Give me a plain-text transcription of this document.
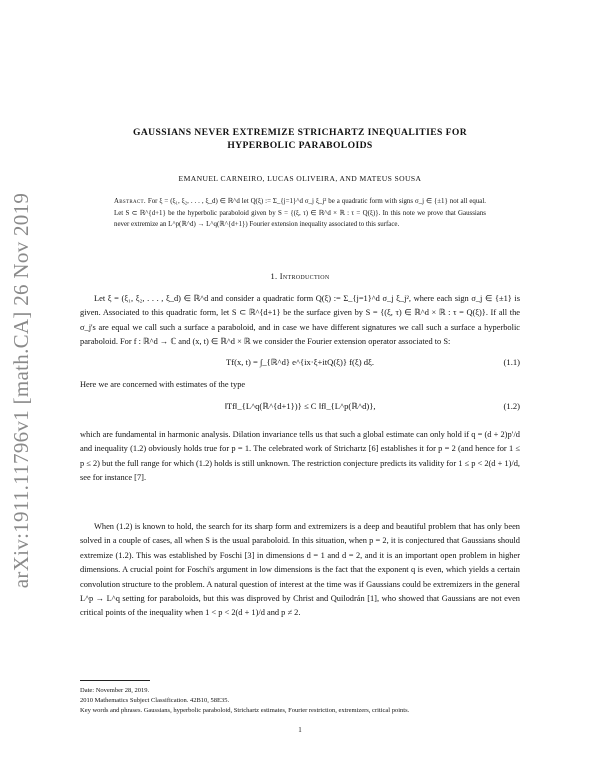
arXiv:1911.11796v1 [math.CA] 26 Nov 2019
GAUSSIANS NEVER EXTREMIZE STRICHARTZ INEQUALITIES FOR
HYPERBOLIC PARABOLOIDS
EMANUEL CARNEIRO, LUCAS OLIVEIRA, AND MATEUS SOUSA
Abstract. For ξ = (ξ₁, ξ₂, . . . , ξ_d) ∈ ℝ^d let Q(ξ) := Σ_{j=1}^d σ_j ξ_j² be a quadratic form with signs σ_j ∈ {±1} not all equal. Let S ⊂ ℝ^{d+1} be the hyperbolic paraboloid given by S = {(ξ, τ) ∈ ℝ^d × ℝ : τ = Q(ξ)}. In this note we prove that Gaussians never extremize an L^p(ℝ^d) → L^q(ℝ^{d+1}) Fourier extension inequality associated to this surface.
1. Introduction

Let ξ = (ξ₁, ξ₂, . . . , ξ_d) ∈ ℝ^d and consider a quadratic form Q(ξ) := Σ_{j=1}^d σ_j ξ_j², where each sign σ_j ∈ {±1} is given. Associated to this quadratic form, let S ⊂ ℝ^{d+1} be the surface given by S = {(ξ, τ) ∈ ℝ^d × ℝ : τ = Q(ξ)}. If all the σ_j's are equal we call such a surface a paraboloid, and in case we have different signatures we call such a surface a hyperbolic paraboloid. For f : ℝ^d → ℂ and (x, t) ∈ ℝ^d × ℝ we consider the Fourier extension operator associated to S:

Tf(x, t) = ∫_{ℝ^d} e^{ix·ξ+itQ(ξ)} f(ξ) dξ.	(1.1)

Here we are concerned with estimates of the type

‖Tf‖_{L^q(ℝ^{d+1})} ≤ C ‖f‖_{L^p(ℝ^d)},	(1.2)

which are fundamental in harmonic analysis. Dilation invariance tells us that such a global estimate can only hold if q = (d + 2)p′/d and inequality (1.2) obviously holds true for p = 1. The celebrated work of Strichartz [6] establishes it for p = 2 (and hence for 1 ≤ p ≤ 2) but the full range for which (1.2) holds is still unknown. The restriction conjecture predicts its validity for 1 ≤ p < 2(d + 1)/d, see for instance [7].

When (1.2) is known to hold, the search for its sharp form and extremizers is a deep and beautiful problem that has only been solved in a couple of cases, all when S is the usual paraboloid. In this situation, when p = 2, it is conjectured that Gaussians should extremize (1.2). This was established by Foschi [3] in dimensions d = 1 and d = 2, and it is an important open problem in higher dimensions. A crucial point for Foschi's argument in low dimensions is the fact that the exponent q is even, which yields a certain convolution structure to the problem. A natural question of interest at the time was if Gaussians could be extremizers in the general L^p → L^q setting for paraboloids, but this was disproved by Christ and Quilodrán [1], who showed that Gaussians are not even critical points of the inequality when 1 < p < 2(d + 1)/d and p ≠ 2.

Date: November 28, 2019.

2010 Mathematics Subject Classification. 42B10, 58E35.

Key words and phrases. Gaussians, hyperbolic paraboloid, Strichartz estimates, Fourier restriction, extremizers, critical points.

1
